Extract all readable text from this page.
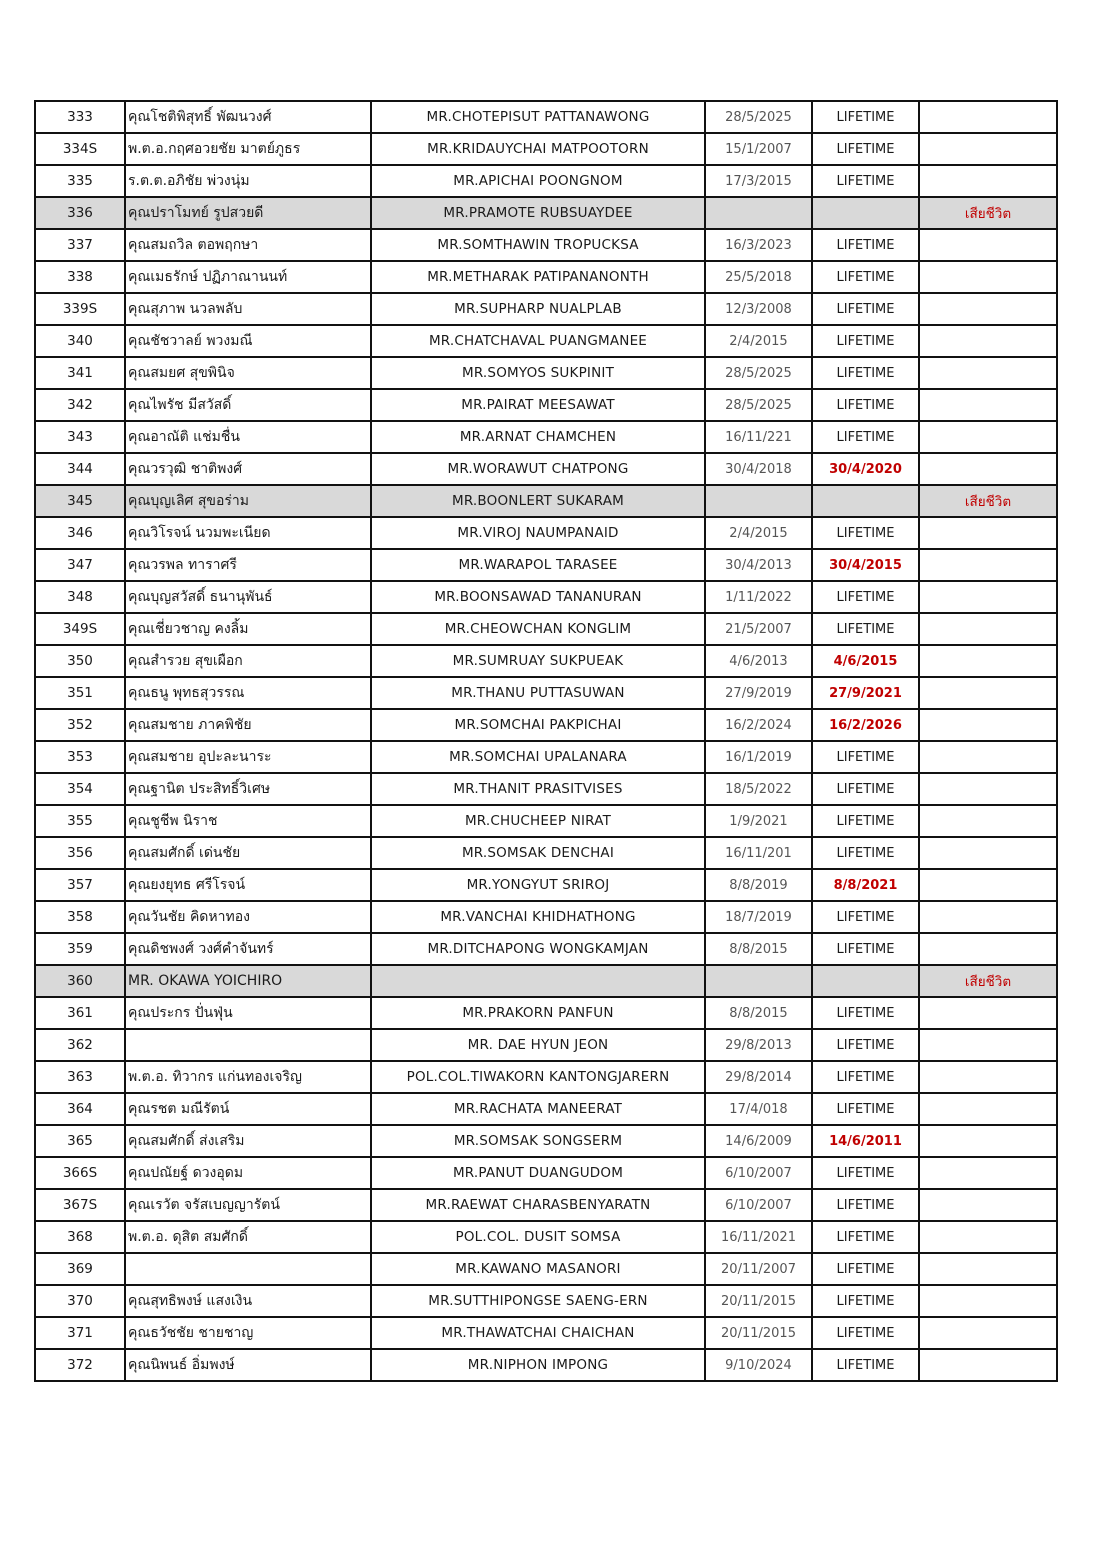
333	คุณโชติพิสุทธิ์ พัฒนวงศ์	MR.CHOTEPISUT PATTANAWONG	28/5/2025	LIFETIME	
334S	พ.ต.อ.กฤศอวยชัย มาตย์ภูธร	MR.KRIDAUYCHAI MATPOOTORN	15/1/2007	LIFETIME	
335	ร.ต.ต.อภิชัย พ่วงนุ่ม	MR.APICHAI POONGNOM	17/3/2015	LIFETIME	
336	คุณปราโมทย์ รูปสวยดี	MR.PRAMOTE RUBSUAYDEE			เสียชีวิต
337	คุณสมถวิล ตอพฤกษา	MR.SOMTHAWIN TROPUCKSA	16/3/2023	LIFETIME	
338	คุณเมธรักษ์ ปฏิภาณานนท์	MR.METHARAK PATIPANANONTH	25/5/2018	LIFETIME	
339S	คุณสุภาพ นวลพลับ	MR.SUPHARP NUALPLAB	12/3/2008	LIFETIME	
340	คุณชัชวาลย์ พวงมณี	MR.CHATCHAVAL PUANGMANEE	2/4/2015	LIFETIME	
341	คุณสมยศ สุขพินิจ	MR.SOMYOS SUKPINIT	28/5/2025	LIFETIME	
342	คุณไพรัช มีสวัสดิ์	MR.PAIRAT MEESAWAT	28/5/2025	LIFETIME	
343	คุณอาณัติ แช่มชื่น	MR.ARNAT CHAMCHEN	16/11/221	LIFETIME	
344	คุณวรวุฒิ ชาติพงศ์	MR.WORAWUT CHATPONG	30/4/2018	30/4/2020	
345	คุณบุญเลิศ สุขอร่าม	MR.BOONLERT SUKARAM			เสียชีวิต
346	คุณวิโรจน์ นวมพะเนียด	MR.VIROJ NAUMPANAID	2/4/2015	LIFETIME	
347	คุณวรพล ทาราศรี	MR.WARAPOL TARASEE	30/4/2013	30/4/2015	
348	คุณบุญสวัสดิ์ ธนานุพันธ์	MR.BOONSAWAD TANANURAN	1/11/2022	LIFETIME	
349S	คุณเชี่ยวชาญ คงลิ้ม	MR.CHEOWCHAN KONGLIM	21/5/2007	LIFETIME	
350	คุณสำรวย สุขเผือก	MR.SUMRUAY SUKPUEAK	4/6/2013	4/6/2015	
351	คุณธนู พุทธสุวรรณ	MR.THANU PUTTASUWAN	27/9/2019	27/9/2021	
352	คุณสมชาย ภาคพิชัย	MR.SOMCHAI PAKPICHAI	16/2/2024	16/2/2026	
353	คุณสมชาย อุปะละนาระ	MR.SOMCHAI UPALANARA	16/1/2019	LIFETIME	
354	คุณฐานิต ประสิทธิ์วิเศษ	MR.THANIT PRASITVISES	18/5/2022	LIFETIME	
355	คุณชูชีพ นิราช	MR.CHUCHEEP NIRAT	1/9/2021	LIFETIME	
356	คุณสมศักดิ์ เด่นชัย	MR.SOMSAK DENCHAI	16/11/201	LIFETIME	
357	คุณยงยุทธ ศรีโรจน์	MR.YONGYUT SRIROJ	8/8/2019	8/8/2021	
358	คุณวันชัย คิดหาทอง	MR.VANCHAI KHIDHATHONG	18/7/2019	LIFETIME	
359	คุณดิชพงศ์ วงศ์คำจันทร์	MR.DITCHAPONG WONGKAMJAN	8/8/2015	LIFETIME	
360	MR. OKAWA YOICHIRO				เสียชีวิต
361	คุณประกร ปั่นฟุ่น	MR.PRAKORN PANFUN	8/8/2015	LIFETIME	
362		MR. DAE HYUN JEON	29/8/2013	LIFETIME	
363	พ.ต.อ. ทิวากร แก่นทองเจริญ	POL.COL.TIWAKORN KANTONGJARERN	29/8/2014	LIFETIME	
364	คุณรชต มณีรัตน์	MR.RACHATA MANEERAT	17/4/018	LIFETIME	
365	คุณสมศักดิ์ ส่งเสริม	MR.SOMSAK SONGSERM	14/6/2009	14/6/2011	
366S	คุณปณัยฐ์ ดวงอุดม	MR.PANUT DUANGUDOM	6/10/2007	LIFETIME	
367S	คุณเรวัต จรัสเบญญารัตน์	MR.RAEWAT CHARASBENYARATN	6/10/2007	LIFETIME	
368	พ.ต.อ. ดุสิต สมศักดิ์	POL.COL. DUSIT SOMSA	16/11/2021	LIFETIME	
369		MR.KAWANO MASANORI	20/11/2007	LIFETIME	
370	คุณสุทธิพงษ์ แสงเงิน	MR.SUTTHIPONGSE SAENG-ERN	20/11/2015	LIFETIME	
371	คุณธวัชชัย ชายชาญ	MR.THAWATCHAI CHAICHAN	20/11/2015	LIFETIME	
372	คุณนิพนธ์ อิ่มพงษ์	MR.NIPHON IMPONG	9/10/2024	LIFETIME	
